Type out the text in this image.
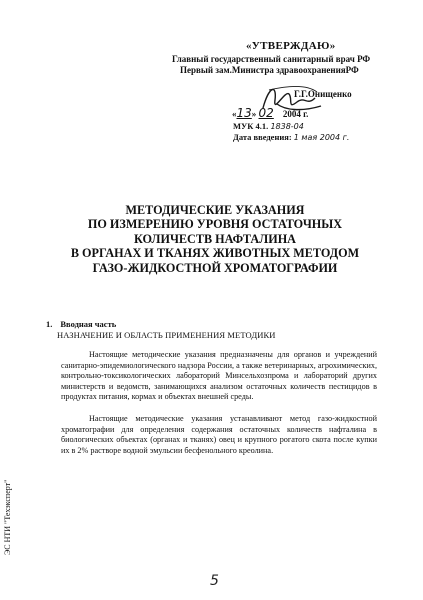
«УТВЕРЖДАЮ»
Главный государственный санитарный врач РФ
Первый зам.Министра здравоохраненияРФ
Г.Г.Онищенко
«13» 02 2004 г.
МУК 4.1. 1838-04
Дата введения: 1 мая 2004 г.
МЕТОДИЧЕСКИЕ УКАЗАНИЯ
ПО ИЗМЕРЕНИЮ УРОВНЯ ОСТАТОЧНЫХ
КОЛИЧЕСТВ НАФТАЛИНА
В ОРГАНАХ И ТКАНЯХ ЖИВОТНЫХ МЕТОДОМ
ГАЗО-ЖИДКОСТНОЙ ХРОМАТОГРАФИИ
1. Вводная часть
НАЗНАЧЕНИЕ И ОБЛАСТЬ ПРИМЕНЕНИЯ МЕТОДИКИ

Настоящие методические указания предназначены для органов и учреждений санитарно-эпидемиологического надзора России, а также ветеринарных, агрохимических, контрольно-токсикологических лабораторий Минсельхозпрома и лабораторий других министерств и ведомств, занимающихся анализом остаточных количеств пестицидов в продуктах питания, кормах и объектах внешней среды.

Настоящие методические указания устанавливают метод газо-жидкостной хроматографии для определения содержания остаточных количеств нафталина в биологических объектах (органах и тканях) овец и крупного рогатого скота после купки их в 2% растворе водной эмульсии бесфенольного креолина.

ЭС НТИ "Техэксперт"
5
